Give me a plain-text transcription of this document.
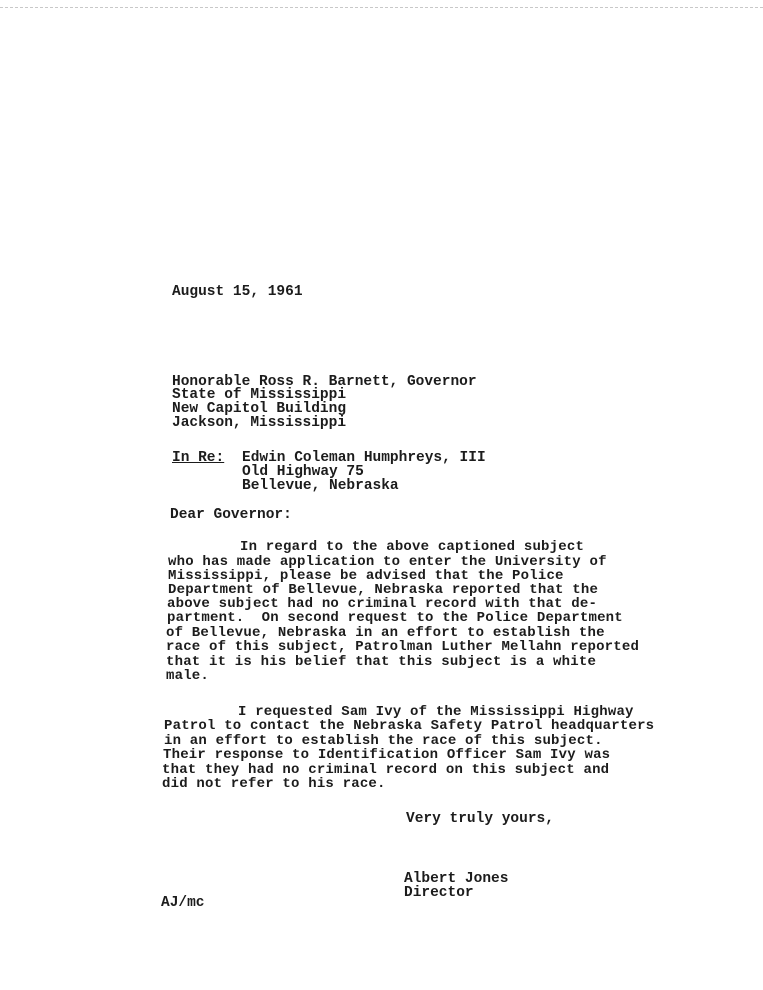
August 15, 1961
Honorable Ross R. Barnett, Governor
State of Mississippi
New Capitol Building
Jackson, Mississippi
In Re: Edwin Coleman Humphreys, III
Old Highway 75
Bellevue, Nebraska
Dear Governor:
In regard to the above captioned subject
who has made application to enter the University of
Mississippi, please be advised that the Police
Department of Bellevue, Nebraska reported that the
above subject had no criminal record with that de-
partment.  On second request to the Police Department
of Bellevue, Nebraska in an effort to establish the
race of this subject, Patrolman Luther Mellahn reported
that it is his belief that this subject is a white
male.
I requested Sam Ivy of the Mississippi Highway
Patrol to contact the Nebraska Safety Patrol headquarters
in an effort to establish the race of this subject.
Their response to Identification Officer Sam Ivy was
that they had no criminal record on this subject and
did not refer to his race.
Very truly yours,
Albert Jones
Director
AJ/mc
